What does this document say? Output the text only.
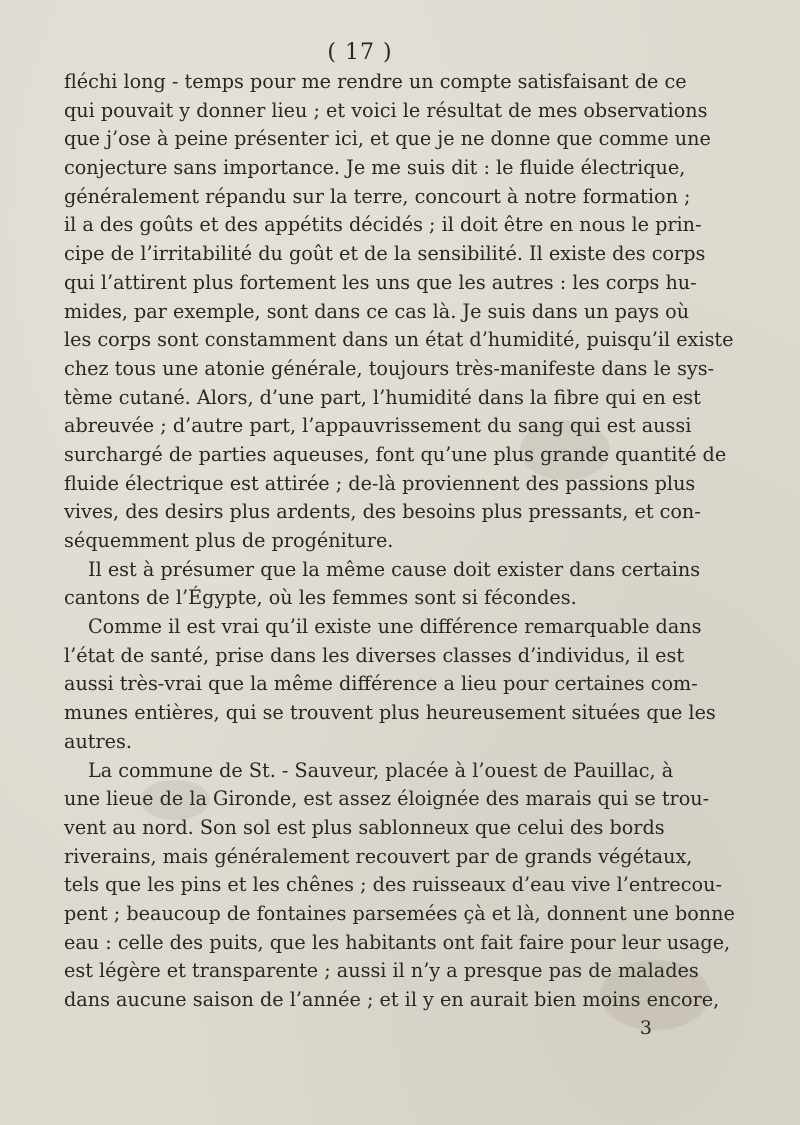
( 17 )
fléchi long - temps pour me rendre un compte satisfaisant de ce
qui pouvait y donner lieu ; et voici le résultat de mes observations
que j’ose à peine présenter ici, et que je ne donne que comme une
conjecture sans importance. Je me suis dit : le fluide électrique,
généralement répandu sur la terre, concourt à notre formation ;
il a des goûts et des appétits décidés ; il doit être en nous le prin-
cipe de l’irritabilité du goût et de la sensibilité. Il existe des corps
qui l’attirent plus fortement les uns que les autres : les corps hu-
mides, par exemple, sont dans ce cas là. Je suis dans un pays où
les corps sont constamment dans un état d’humidité, puisqu’il existe
chez tous une atonie générale, toujours très-manifeste dans le sys-
tème cutané. Alors, d’une part, l’humidité dans la fibre qui en est
abreuvée ; d’autre part, l’appauvrissement du sang qui est aussi
surchargé de parties aqueuses, font qu’une plus grande quantité de
fluide électrique est attirée ; de-là proviennent des passions plus
vives, des desirs plus ardents, des besoins plus pressants, et con-
séquemment plus de progéniture.
Il est à présumer que la même cause doit exister dans certains
cantons de l’Égypte, où les femmes sont si fécondes.
Comme il est vrai qu’il existe une différence remarquable dans
l’état de santé, prise dans les diverses classes d’individus, il est
aussi très-vrai que la même différence a lieu pour certaines com-
munes entières, qui se trouvent plus heureusement situées que les
autres.
La commune de St. - Sauveur, placée à l’ouest de Pauillac, à
une lieue de la Gironde, est assez éloignée des marais qui se trou-
vent au nord. Son sol est plus sablonneux que celui des bords
riverains, mais généralement recouvert par de grands végétaux,
tels que les pins et les chênes ; des ruisseaux d’eau vive l’entrecou-
pent ; beaucoup de fontaines parsemées çà et là, donnent une bonne
eau : celle des puits, que les habitants ont fait faire pour leur usage,
est légère et transparente ; aussi il n’y a presque pas de malades
dans aucune saison de l’année ; et il y en aurait bien moins encore,
3
